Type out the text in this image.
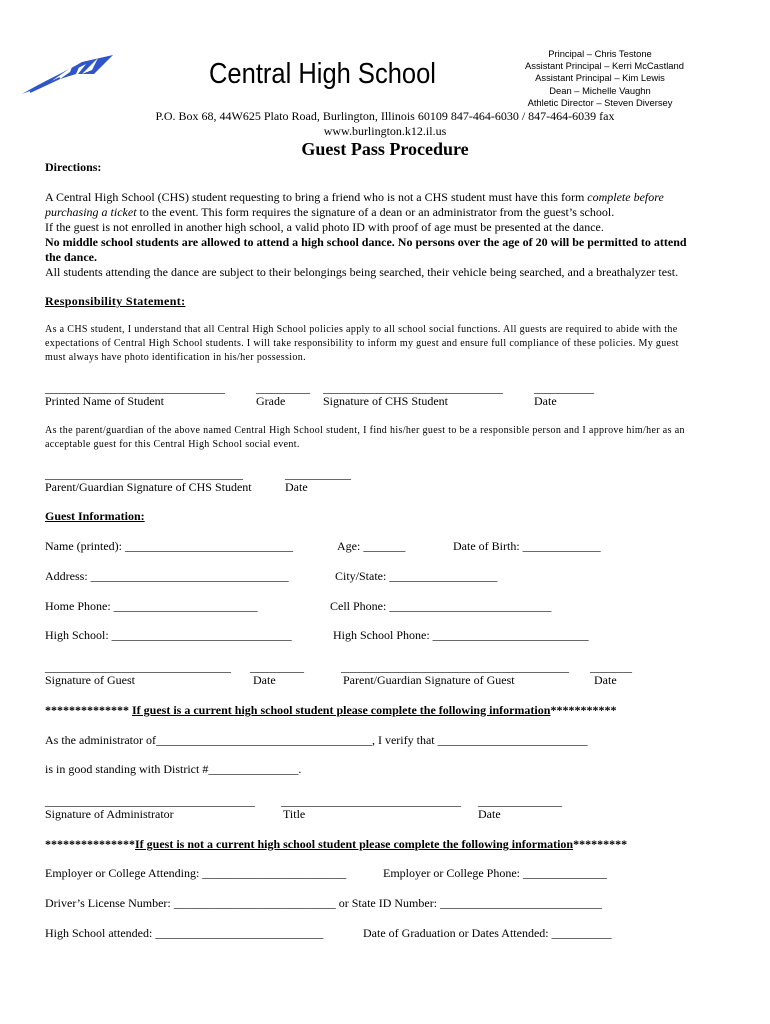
Central High School
Principal – Chris Testone
Assistant Principal – Kerri McCastland
Assistant Principal – Kim Lewis
Dean – Michelle Vaughn
Athletic Director – Steven Diversey
P.O. Box 68, 44W625 Plato Road, Burlington, Illinois 60109 847-464-6030 / 847-464-6039 fax
www.burlington.k12.il.us
Guest Pass Procedure
Directions:
A Central High School (CHS) student requesting to bring a friend who is not a CHS student must have this form complete before
purchasing a ticket to the event. This form requires the signature of a dean or an administrator from the guest’s school.
If the guest is not enrolled in another high school, a valid photo ID with proof of age must be presented at the dance.
No middle school students are allowed to attend a high school dance. No persons over the age of 20 will be permitted to attend
the dance.
All students attending the dance are subject to their belongings being searched, their vehicle being searched, and a breathalyzer test.
Responsibility Statement:
As a CHS student, I understand that all Central High School policies apply to all school social functions. All guests are required to abide with the
expectations of Central High School students. I will take responsibility to inform my guest and ensure full compliance of these policies. My guest
must always have photo identification in his/her possession.
______________________________	_________ ______________________________	__________
Printed Name of Student	Grade	Signature of CHS Student	Date
As the parent/guardian of the above named Central High School student, I find his/her guest to be a responsible person and I approve him/her as an
acceptable guest for this Central High School social event.
_________________________________	___________
Parent/Guardian Signature of CHS Student	Date
Guest Information:
Name (printed): ____________________________	Age: _______	Date of Birth: _____________
Address: _________________________________	City/State: __________________
Home Phone: ________________________	Cell Phone: ___________________________
High School: ______________________________	High School Phone: __________________________
_______________________________ _________	______________________________________ _______
Signature of Guest	Date	Parent/Guardian Signature of Guest	Date
************** If guest is a current high school student please complete the following information***********
As the administrator of____________________________________, I verify that _________________________
is in good standing with District #_______________.
___________________________________ ______________________________ ______________
Signature of Administrator	Title	Date
***************If guest is not a current high school student please complete the following information*********
Employer or College Attending: ________________________	Employer or College Phone: ______________
Driver’s License Number: ___________________________ or State ID Number: ___________________________
High School attended: ____________________________	Date of Graduation or Dates Attended: __________
